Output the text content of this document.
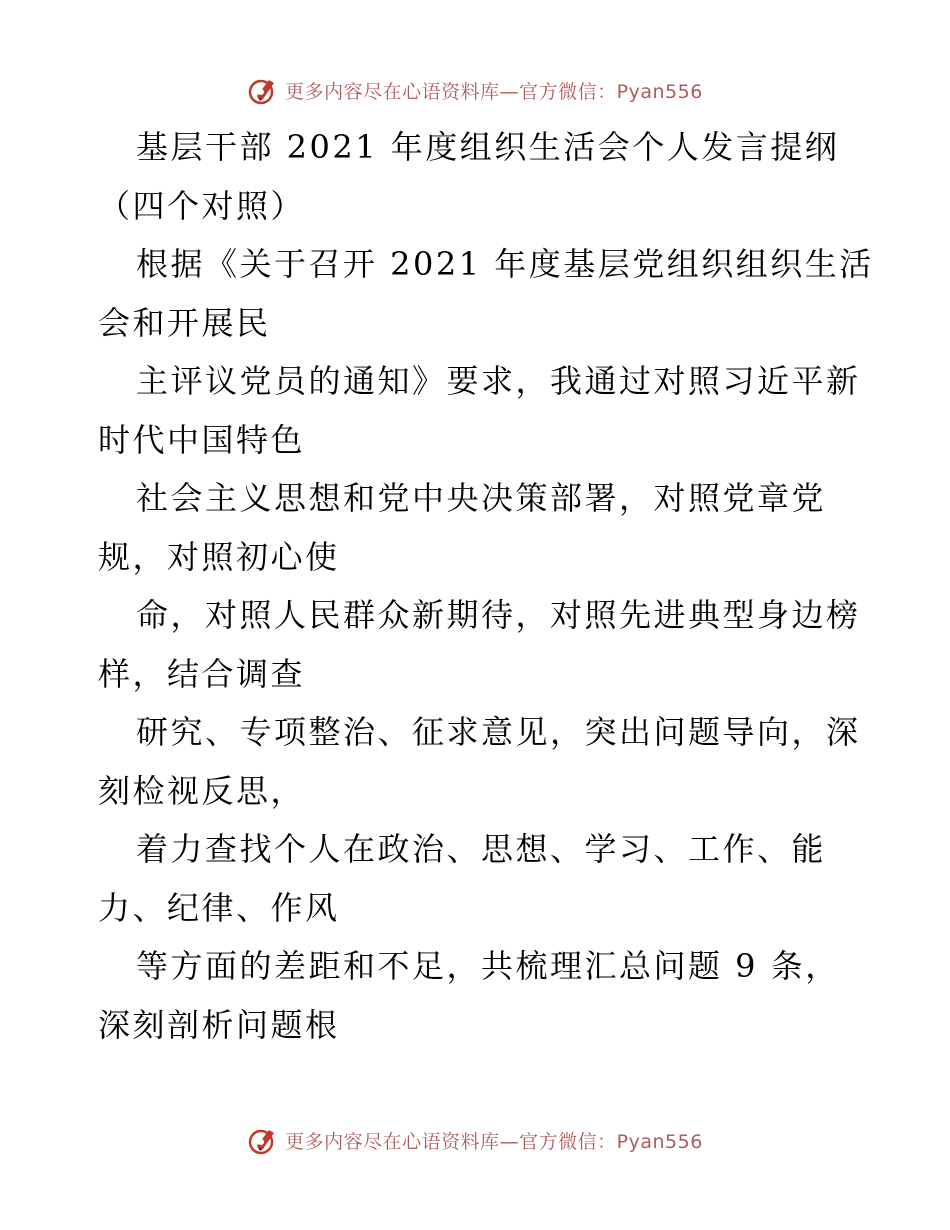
更多内容尽在心语资料库—官方微信：Pyan556
基层干部 2021 年度组织生活会个人发言提纲
（四个对照）
根据《关于召开 2021 年度基层党组织组织生活
会和开展民
主评议党员的通知》要求，我通过对照习近平新
时代中国特色
社会主义思想和党中央决策部署，对照党章党
规，对照初心使
命，对照人民群众新期待，对照先进典型身边榜
样，结合调查
研究、专项整治、征求意见，突出问题导向，深
刻检视反思，
着力查找个人在政治、思想、学习、工作、能
力、纪律、作风
等方面的差距和不足，共梳理汇总问题 9 条，
深刻剖析问题根
更多内容尽在心语资料库—官方微信：Pyan556
